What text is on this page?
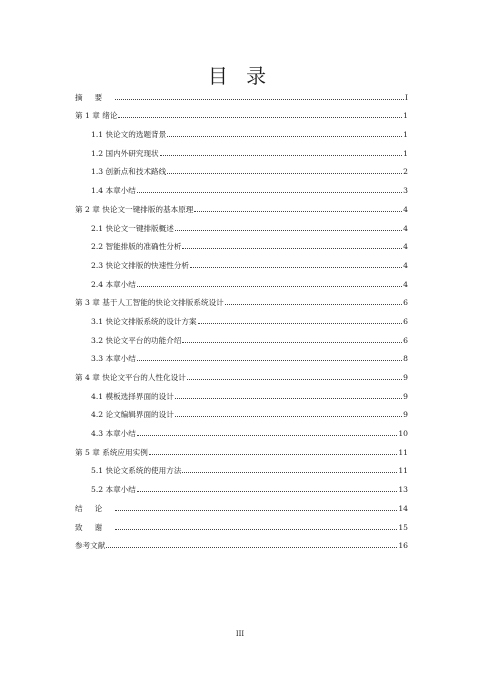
目 录
摘要	I
第 1 章 绪论	1
1.1 快论文的选题背景	1
1.2 国内外研究现状	1
1.3 创新点和技术路线	2
1.4 本章小结	3
第 2 章 快论文一键排版的基本原理	4
2.1 快论文一键排版概述	4
2.2 智能排版的准确性分析	4
2.3 快论文排版的快速性分析	4
2.4 本章小结	4
第 3 章 基于人工智能的快论文排版系统设计	6
3.1 快论文排版系统的设计方案	6
3.2 快论文平台的功能介绍	6
3.3 本章小结	8
第 4 章 快论文平台的人性化设计	9
4.1 模板选择界面的设计	9
4.2 论文编辑界面的设计	9
4.3 本章小结	10
第 5 章 系统应用实例	11
5.1 快论文系统的使用方法	11
5.2 本章小结	13
结论	14
致谢	15
参考文献	16
III
